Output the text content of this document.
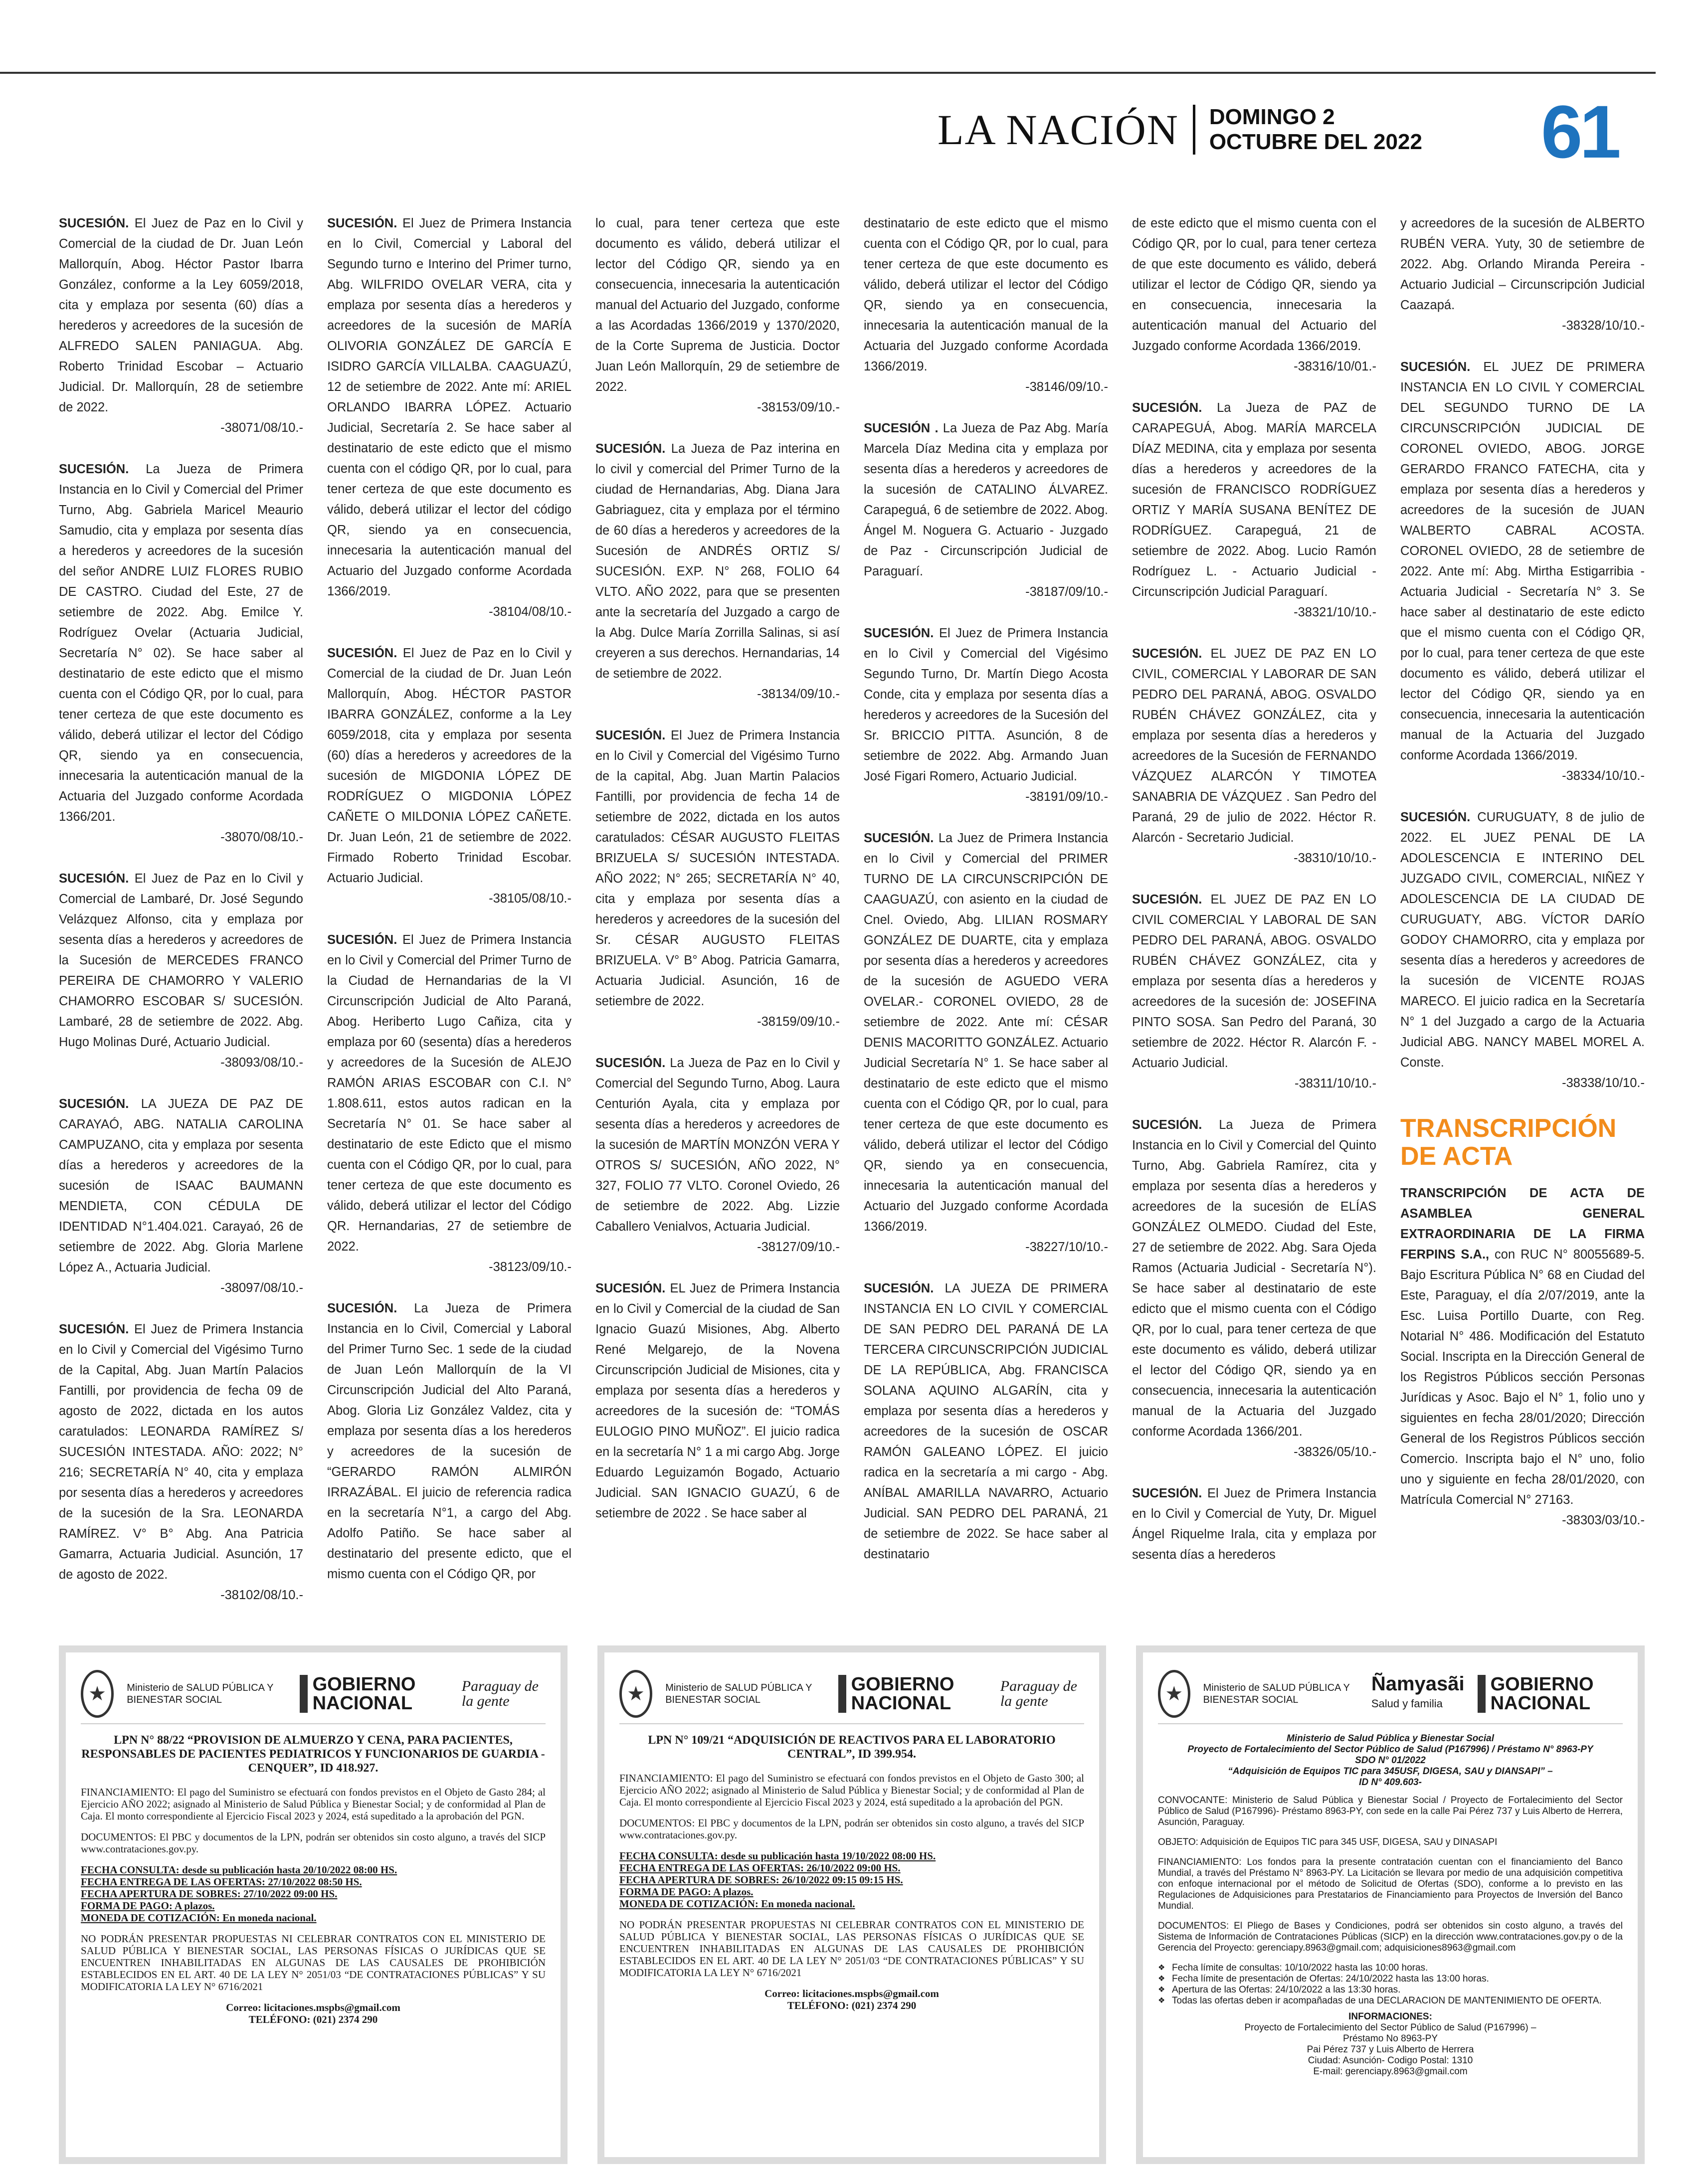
LA NACIÓN DOMINGO 2
OCTUBRE DEL 2022 61
SUCESIÓN. El Juez de Paz en lo Civil y Comercial de la ciudad de Dr. Juan León Mallorquín, Abog. Héctor Pastor Ibarra González, conforme a la Ley 6059/2018, cita y emplaza por sesenta (60) días a herederos y acreedores de la sucesión de ALFREDO SALEN PANIAGUA. Abg. Roberto Trinidad Escobar – Actuario Judicial. Dr. Mallorquín, 28 de setiembre de 2022.
-38071/08/10.-
SUCESIÓN. La Jueza de Primera Instancia en lo Civil y Comercial del Primer Turno, Abg. Gabriela Maricel Meaurio Samudio, cita y emplaza por sesenta días a herederos y acreedores de la sucesión del señor ANDRE LUIZ FLORES RUBIO DE CASTRO. Ciudad del Este, 27 de setiembre de 2022. Abg. Emilce Y. Rodríguez Ovelar (Actuaria Judicial, Secretaría N° 02). Se hace saber al destinatario de este edicto que el mismo cuenta con el Código QR, por lo cual, para tener certeza de que este documento es válido, deberá utilizar el lector del Código QR, siendo ya en consecuencia, innecesaria la autenticación manual de la Actuaria del Juzgado conforme Acordada 1366/201.
-38070/08/10.-
SUCESIÓN. El Juez de Paz en lo Civil y Comercial de Lambaré, Dr. José Segundo Velázquez Alfonso, cita y emplaza por sesenta días a herederos y acreedores de la Sucesión de MERCEDES FRANCO PEREIRA DE CHAMORRO Y VALERIO CHAMORRO ESCOBAR S/ SUCESIÓN. Lambaré, 28 de setiembre de 2022. Abg. Hugo Molinas Duré, Actuario Judicial.
-38093/08/10.-
SUCESIÓN. LA JUEZA DE PAZ DE CARAYAÓ, ABG. NATALIA CAROLINA CAMPUZANO, cita y emplaza por sesenta días a herederos y acreedores de la sucesión de ISAAC BAUMANN MENDIETA, CON CÉDULA DE IDENTIDAD N°1.404.021. Carayaó, 26 de setiembre de 2022. Abg. Gloria Marlene López A., Actuaria Judicial.
-38097/08/10.-
SUCESIÓN. El Juez de Primera Instancia en lo Civil y Comercial del Vigésimo Turno de la Capital, Abg. Juan Martín Palacios Fantilli, por providencia de fecha 09 de agosto de 2022, dictada en los autos caratulados: LEONARDA RAMÍREZ S/ SUCESIÓN INTESTADA. AÑO: 2022; N° 216; SECRETARÍA N° 40, cita y emplaza por sesenta días a herederos y acreedores de la sucesión de la Sra. LEONARDA RAMÍREZ. V° B° Abg. Ana Patricia Gamarra, Actuaria Judicial. Asunción, 17 de agosto de 2022.
-38102/08/10.-
SUCESIÓN. El Juez de Primera Instancia en lo Civil, Comercial y Laboral del Segundo turno e Interino del Primer turno, Abg. WILFRIDO OVELAR VERA, cita y emplaza por sesenta días a herederos y acreedores de la sucesión de MARÍA OLIVORIA GONZÁLEZ DE GARCÍA E ISIDRO GARCÍA VILLALBA. CAAGUAZÚ, 12 de setiembre de 2022. Ante mí: ARIEL ORLANDO IBARRA LÓPEZ. Actuario Judicial, Secretaría 2. Se hace saber al destinatario de este edicto que el mismo cuenta con el código QR, por lo cual, para tener certeza de que este documento es válido, deberá utilizar el lector del código QR, siendo ya en consecuencia, innecesaria la autenticación manual del Actuario del Juzgado conforme Acordada 1366/2019.
-38104/08/10.-
SUCESIÓN. El Juez de Paz en lo Civil y Comercial de la ciudad de Dr. Juan León Mallorquín, Abog. HÉCTOR PASTOR IBARRA GONZÁLEZ, conforme a la Ley 6059/2018, cita y emplaza por sesenta (60) días a herederos y acreedores de la sucesión de MIGDONIA LÓPEZ DE RODRÍGUEZ O MIGDONIA LÓPEZ CAÑETE O MILDONIA LÓPEZ CAÑETE. Dr. Juan León, 21 de setiembre de 2022. Firmado Roberto Trinidad Escobar. Actuario Judicial.
-38105/08/10.-
SUCESIÓN. El Juez de Primera Instancia en lo Civil y Comercial del Primer Turno de la Ciudad de Hernandarias de la VI Circunscripción Judicial de Alto Paraná, Abog. Heriberto Lugo Cañiza, cita y emplaza por 60 (sesenta) días a herederos y acreedores de la Sucesión de ALEJO RAMÓN ARIAS ESCOBAR con C.I. N° 1.808.611, estos autos radican en la Secretaría N° 01. Se hace saber al destinatario de este Edicto que el mismo cuenta con el Código QR, por lo cual, para tener certeza de que este documento es válido, deberá utilizar el lector del Código QR. Hernandarias, 27 de setiembre de 2022.
-38123/09/10.-
SUCESIÓN. La Jueza de Primera Instancia en lo Civil, Comercial y Laboral del Primer Turno Sec. 1 sede de la ciudad de Juan León Mallorquín de la VI Circunscripción Judicial del Alto Paraná, Abog. Gloria Liz González Valdez, cita y emplaza por sesenta días a los herederos y acreedores de la sucesión de “GERARDO RAMÓN ALMIRÓN IRRAZÁBAL. El juicio de referencia radica en la secretaría N°1, a cargo del Abg. Adolfo Patiño. Se hace saber al destinatario del presente edicto, que el mismo cuenta con el Código QR, por
lo cual, para tener certeza que este documento es válido, deberá utilizar el lector del Código QR, siendo ya en consecuencia, innecesaria la autenticación manual del Actuario del Juzgado, conforme a las Acordadas 1366/2019 y 1370/2020, de la Corte Suprema de Justicia. Doctor Juan León Mallorquín, 29 de setiembre de 2022.
-38153/09/10.-
SUCESIÓN. La Jueza de Paz interina en lo civil y comercial del Primer Turno de la ciudad de Hernandarias, Abg. Diana Jara Gabriaguez, cita y emplaza por el término de 60 días a herederos y acreedores de la Sucesión de ANDRÉS ORTIZ S/ SUCESIÓN. EXP. N° 268, FOLIO 64 VLTO. AÑO 2022, para que se presenten ante la secretaría del Juzgado a cargo de la Abg. Dulce María Zorrilla Salinas, si así creyeren a sus derechos. Hernandarias, 14 de setiembre de 2022.
-38134/09/10.-
SUCESIÓN. El Juez de Primera Instancia en lo Civil y Comercial del Vigésimo Turno de la capital, Abg. Juan Martin Palacios Fantilli, por providencia de fecha 14 de setiembre de 2022, dictada en los autos caratulados: CÉSAR AUGUSTO FLEITAS BRIZUELA S/ SUCESIÓN INTESTADA. AÑO 2022; N° 265; SECRETARÍA N° 40, cita y emplaza por sesenta días a herederos y acreedores de la sucesión del Sr. CÉSAR AUGUSTO FLEITAS BRIZUELA. V° B° Abog. Patricia Gamarra, Actuaria Judicial. Asunción, 16 de setiembre de 2022.
-38159/09/10.-
SUCESIÓN. La Jueza de Paz en lo Civil y Comercial del Segundo Turno, Abog. Laura Centurión Ayala, cita y emplaza por sesenta días a herederos y acreedores de la sucesión de MARTÍN MONZÓN VERA Y OTROS S/ SUCESIÓN, AÑO 2022, N° 327, FOLIO 77 VLTO. Coronel Oviedo, 26 de setiembre de 2022. Abg. Lizzie Caballero Venialvos, Actuaria Judicial.
-38127/09/10.-
SUCESIÓN. EL Juez de Primera Instancia en lo Civil y Comercial de la ciudad de San Ignacio Guazú Misiones, Abg. Alberto René Melgarejo, de la Novena Circunscripción Judicial de Misiones, cita y emplaza por sesenta días a herederos y acreedores de la sucesión de: “TOMÁS EULOGIO PINO MUÑOZ”. El juicio radica en la secretaría N° 1 a mi cargo Abg. Jorge Eduardo Leguizamón Bogado, Actuario Judicial. SAN IGNACIO GUAZÚ, 6 de setiembre de 2022 . Se hace saber al
destinatario de este edicto que el mismo cuenta con el Código QR, por lo cual, para tener certeza de que este documento es válido, deberá utilizar el lector del Código QR, siendo ya en consecuencia, innecesaria la autenticación manual de la Actuaria del Juzgado conforme Acordada 1366/2019.
-38146/09/10.-
SUCESIÓN . La Jueza de Paz Abg. María Marcela Díaz Medina cita y emplaza por sesenta días a herederos y acreedores de la sucesión de CATALINO ÁLVAREZ. Carapeguá, 6 de setiembre de 2022. Abog. Ángel M. Noguera G. Actuario - Juzgado de Paz - Circunscripción Judicial de Paraguarí.
-38187/09/10.-
SUCESIÓN. El Juez de Primera Instancia en lo Civil y Comercial del Vigésimo Segundo Turno, Dr. Martín Diego Acosta Conde, cita y emplaza por sesenta días a herederos y acreedores de la Sucesión del Sr. BRICCIO PITTA. Asunción, 8 de setiembre de 2022. Abg. Armando Juan José Figari Romero, Actuario Judicial.
-38191/09/10.-
SUCESIÓN. La Juez de Primera Instancia en lo Civil y Comercial del PRIMER TURNO DE LA CIRCUNSCRIPCIÓN DE CAAGUAZÚ, con asiento en la ciudad de Cnel. Oviedo, Abg. LILIAN ROSMARY GONZÁLEZ DE DUARTE, cita y emplaza por sesenta días a herederos y acreedores de la sucesión de AGUEDO VERA OVELAR.- CORONEL OVIEDO, 28 de setiembre de 2022. Ante mí: CÉSAR DENIS MACORITTO GONZÁLEZ. Actuario Judicial Secretaría N° 1. Se hace saber al destinatario de este edicto que el mismo cuenta con el Código QR, por lo cual, para tener certeza de que este documento es válido, deberá utilizar el lector del Código QR, siendo ya en consecuencia, innecesaria la autenticación manual del Actuario del Juzgado conforme Acordada 1366/2019.
-38227/10/10.-
SUCESIÓN. LA JUEZA DE PRIMERA INSTANCIA EN LO CIVIL Y COMERCIAL DE SAN PEDRO DEL PARANÁ DE LA TERCERA CIRCUNSCRIPCIÓN JUDICIAL DE LA REPÚBLICA, Abg. FRANCISCA SOLANA AQUINO ALGARÍN, cita y emplaza por sesenta días a herederos y acreedores de la sucesión de OSCAR RAMÓN GALEANO LÓPEZ. El juicio radica en la secretaría a mi cargo - Abg. ANÍBAL AMARILLA NAVARRO, Actuario Judicial. SAN PEDRO DEL PARANÁ, 21 de setiembre de 2022. Se hace saber al destinatario
de este edicto que el mismo cuenta con el Código QR, por lo cual, para tener certeza de que este documento es válido, deberá utilizar el lector de Código QR, siendo ya en consecuencia, innecesaria la autenticación manual del Actuario del Juzgado conforme Acordada 1366/2019.
-38316/10/01.-
SUCESIÓN. La Jueza de PAZ de CARAPEGUÁ, Abog. MARÍA MARCELA DÍAZ MEDINA, cita y emplaza por sesenta días a herederos y acreedores de la sucesión de FRANCISCO RODRÍGUEZ ORTIZ Y MARÍA SUSANA BENÍTEZ DE RODRÍGUEZ. Carapeguá, 21 de setiembre de 2022. Abog. Lucio Ramón Rodríguez L. - Actuario Judicial - Circunscripción Judicial Paraguarí.
-38321/10/10.-
SUCESIÓN. EL JUEZ DE PAZ EN LO CIVIL, COMERCIAL Y LABORAR DE SAN PEDRO DEL PARANÁ, ABOG. OSVALDO RUBÉN CHÁVEZ GONZÁLEZ, cita y emplaza por sesenta días a herederos y acreedores de la Sucesión de FERNANDO VÁZQUEZ ALARCÓN Y TIMOTEA SANABRIA DE VÁZQUEZ . San Pedro del Paraná, 29 de julio de 2022. Héctor R. Alarcón - Secretario Judicial.
-38310/10/10.-
SUCESIÓN. EL JUEZ DE PAZ EN LO CIVIL COMERCIAL Y LABORAL DE SAN PEDRO DEL PARANÁ, ABOG. OSVALDO RUBÉN CHÁVEZ GONZÁLEZ, cita y emplaza por sesenta días a herederos y acreedores de la sucesión de: JOSEFINA PINTO SOSA. San Pedro del Paraná, 30 setiembre de 2022. Héctor R. Alarcón F. - Actuario Judicial.
-38311/10/10.-
SUCESIÓN. La Jueza de Primera Instancia en lo Civil y Comercial del Quinto Turno, Abg. Gabriela Ramírez, cita y emplaza por sesenta días a herederos y acreedores de la sucesión de ELÍAS GONZÁLEZ OLMEDO. Ciudad del Este, 27 de setiembre de 2022. Abg. Sara Ojeda Ramos (Actuaria Judicial - Secretaría N°). Se hace saber al destinatario de este edicto que el mismo cuenta con el Código QR, por lo cual, para tener certeza de que este documento es válido, deberá utilizar el lector del Código QR, siendo ya en consecuencia, innecesaria la autenticación manual de la Actuaria del Juzgado conforme Acordada 1366/201.
-38326/05/10.-
SUCESIÓN. El Juez de Primera Instancia en lo Civil y Comercial de Yuty, Dr. Miguel Ángel Riquelme Irala, cita y emplaza por sesenta días a herederos
y acreedores de la sucesión de ALBERTO RUBÉN VERA. Yuty, 30 de setiembre de 2022. Abg. Orlando Miranda Pereira - Actuario Judicial – Circunscripción Judicial Caazapá.
-38328/10/10.-
SUCESIÓN. EL JUEZ DE PRIMERA INSTANCIA EN LO CIVIL Y COMERCIAL DEL SEGUNDO TURNO DE LA CIRCUNSCRIPCIÓN JUDICIAL DE CORONEL OVIEDO, ABOG. JORGE GERARDO FRANCO FATECHA, cita y emplaza por sesenta días a herederos y acreedores de la sucesión de JUAN WALBERTO CABRAL ACOSTA. CORONEL OVIEDO, 28 de setiembre de 2022. Ante mí: Abg. Mirtha Estigarribia - Actuaria Judicial - Secretaría N° 3. Se hace saber al destinatario de este edicto que el mismo cuenta con el Código QR, por lo cual, para tener certeza de que este documento es válido, deberá utilizar el lector del Código QR, siendo ya en consecuencia, innecesaria la autenticación manual de la Actuaria del Juzgado conforme Acordada 1366/2019.
-38334/10/10.-
SUCESIÓN. CURUGUATY, 8 de julio de 2022. EL JUEZ PENAL DE LA ADOLESCENCIA E INTERINO DEL JUZGADO CIVIL, COMERCIAL, NIÑEZ Y ADOLESCENCIA DE LA CIUDAD DE CURUGUATY, ABG. VÍCTOR DARÍO GODOY CHAMORRO, cita y emplaza por sesenta días a herederos y acreedores de la sucesión de VICENTE ROJAS MARECO. El juicio radica en la Secretaría N° 1 del Juzgado a cargo de la Actuaria Judicial ABG. NANCY MABEL MOREL A. Conste.
-38338/10/10.-
TRANSCRIPCIÓN DE ACTA
TRANSCRIPCIÓN DE ACTA DE ASAMBLEA GENERAL EXTRAORDINARIA DE LA FIRMA FERPINS S.A., con RUC N° 80055689-5. Bajo Escritura Pública N° 68 en Ciudad del Este, Paraguay, el día 2/07/2019, ante la Esc. Luisa Portillo Duarte, con Reg. Notarial N° 486. Modificación del Estatuto Social. Inscripta en la Dirección General de los Registros Públicos sección Personas Jurídicas y Asoc. Bajo el N° 1, folio uno y siguientes en fecha 28/01/2020; Dirección General de los Registros Públicos sección Comercio. Inscripta bajo el N° uno, folio uno y siguiente en fecha 28/01/2020, con Matrícula Comercial N° 27163.
-38303/03/10.-
★	Ministerio de SALUD PÚBLICA Y BIENESTAR SOCIAL
GOBIERNO NACIONAL
Paraguay de la gente
LPN N° 88/22 “PROVISION DE ALMUERZO Y CENA, PARA PACIENTES, RESPONSABLES DE PACIENTES PEDIATRICOS Y FUNCIONARIOS DE GUARDIA - CENQUER”, ID 418.927.

FINANCIAMIENTO: El pago del Suministro se efectuará con fondos previstos en el Objeto de Gasto 284; al Ejercicio AÑO 2022; asignado al Ministerio de Salud Pública y Bienestar Social; y de conformidad al Plan de Caja. El monto correspondiente al Ejercicio Fiscal 2023 y 2024, está supeditado a la aprobación del PGN.

DOCUMENTOS: El PBC y documentos de la LPN, podrán ser obtenidos sin costo alguno, a través del SICP www.contrataciones.gov.py.

FECHA CONSULTA: desde su publicación hasta 20/10/2022 08:00 HS.
FECHA ENTREGA DE LAS OFERTAS: 27/10/2022 08:50 HS.
FECHA APERTURA DE SOBRES: 27/10/2022 09:00 HS.
FORMA DE PAGO: A plazos.
MONEDA DE COTIZACIÓN: En moneda nacional.

NO PODRÁN PRESENTAR PROPUESTAS NI CELEBRAR CONTRATOS CON EL MINISTERIO DE SALUD PÚBLICA Y BIENESTAR SOCIAL, LAS PERSONAS FÍSICAS O JURÍDICAS QUE SE ENCUENTREN INHABILITADAS EN ALGUNAS DE LAS CAUSALES DE PROHIBICIÓN ESTABLECIDOS EN EL ART. 40 DE LA LEY N° 2051/03 “DE CONTRATACIONES PÚBLICAS” Y SU MODIFICATORIA LA LEY N° 6716/2021

Correo: licitaciones.mspbs@gmail.com
TELÉFONO: (021) 2374 290

★	Ministerio de SALUD PÚBLICA Y BIENESTAR SOCIAL
GOBIERNO NACIONAL
Paraguay de la gente
LPN N° 109/21 “ADQUISICIÓN DE REACTIVOS PARA EL LABORATORIO CENTRAL”, ID 399.954.

FINANCIAMIENTO: El pago del Suministro se efectuará con fondos previstos en el Objeto de Gasto 300; al Ejercicio AÑO 2022; asignado al Ministerio de Salud Pública y Bienestar Social; y de conformidad al Plan de Caja. El monto correspondiente al Ejercicio Fiscal 2023 y 2024, está supeditado a la aprobación del PGN.

DOCUMENTOS: El PBC y documentos de la LPN, podrán ser obtenidos sin costo alguno, a través del SICP www.contrataciones.gov.py.

FECHA CONSULTA: desde su publicación hasta 19/10/2022 08:00 HS.
FECHA ENTREGA DE LAS OFERTAS: 26/10/2022 09:00 HS.
FECHA APERTURA DE SOBRES: 26/10/2022 09:15 09:15 HS.
FORMA DE PAGO: A plazos.
MONEDA DE COTIZACIÓN: En moneda nacional.

NO PODRÁN PRESENTAR PROPUESTAS NI CELEBRAR CONTRATOS CON EL MINISTERIO DE SALUD PÚBLICA Y BIENESTAR SOCIAL, LAS PERSONAS FÍSICAS O JURÍDICAS QUE SE ENCUENTREN INHABILITADAS EN ALGUNAS DE LAS CAUSALES DE PROHIBICIÓN ESTABLECIDOS EN EL ART. 40 DE LA LEY N° 2051/03 “DE CONTRATACIONES PÚBLICAS” Y SU MODIFICATORIA LA LEY N° 6716/2021

Correo: licitaciones.mspbs@gmail.com
TELÉFONO: (021) 2374 290

★	Ministerio de SALUD PÚBLICA Y BIENESTAR SOCIAL
Ñamyasãi
Salud y familia
GOBIERNO NACIONAL
Ministerio de Salud Pública y Bienestar Social
Proyecto de Fortalecimiento del Sector Público de Salud (P167996) / Préstamo N° 8963-PY
SDO N° 01/2022
“Adquisición de Equipos TIC para 345USF, DIGESA, SAU y DIANSAPI” –
ID N° 409.603-

CONVOCANTE: Ministerio de Salud Pública y Bienestar Social / Proyecto de Fortalecimiento del Sector Público de Salud (P167996)- Préstamo 8963-PY, con sede en la calle Pai Pérez 737 y Luis Alberto de Herrera, Asunción, Paraguay.

OBJETO: Adquisición de Equipos TIC para 345 USF, DIGESA, SAU y DINASAPI

FINANCIAMIENTO: Los fondos para la presente contratación cuentan con el financiamiento del Banco Mundial, a través del Préstamo N° 8963-PY. La Licitación se llevara por medio de una adquisición competitiva con enfoque internacional por el método de Solicitud de Ofertas (SDO), conforme a lo previsto en las Regulaciones de Adquisiciones para Prestatarios de Financiamiento para Proyectos de Inversión del Banco Mundial.

DOCUMENTOS: El Pliego de Bases y Condiciones, podrá ser obtenidos sin costo alguno, a través del Sistema de Información de Contrataciones Públicas (SICP) en la dirección www.contrataciones.gov.py o de la Gerencia del Proyecto: gerenciapy.8963@gmail.com; adquisiciones8963@gmail.com

❖ Fecha límite de consultas: 10/10/2022 hasta las 10:00 horas.
❖ Fecha límite de presentación de Ofertas: 24/10/2022 hasta las 13:00 horas.
❖ Apertura de las Ofertas: 24/10/2022 a las 13:30 horas.
❖ Todas las ofertas deben ir acompañadas de una DECLARACION DE MANTENIMIENTO DE OFERTA.

INFORMACIONES:
Proyecto de Fortalecimiento del Sector Público de Salud (P167996) –
Préstamo No 8963-PY
Pai Pérez 737 y Luis Alberto de Herrera
Ciudad: Asunción- Codigo Postal: 1310
E-mail: gerenciapy.8963@gmail.com
